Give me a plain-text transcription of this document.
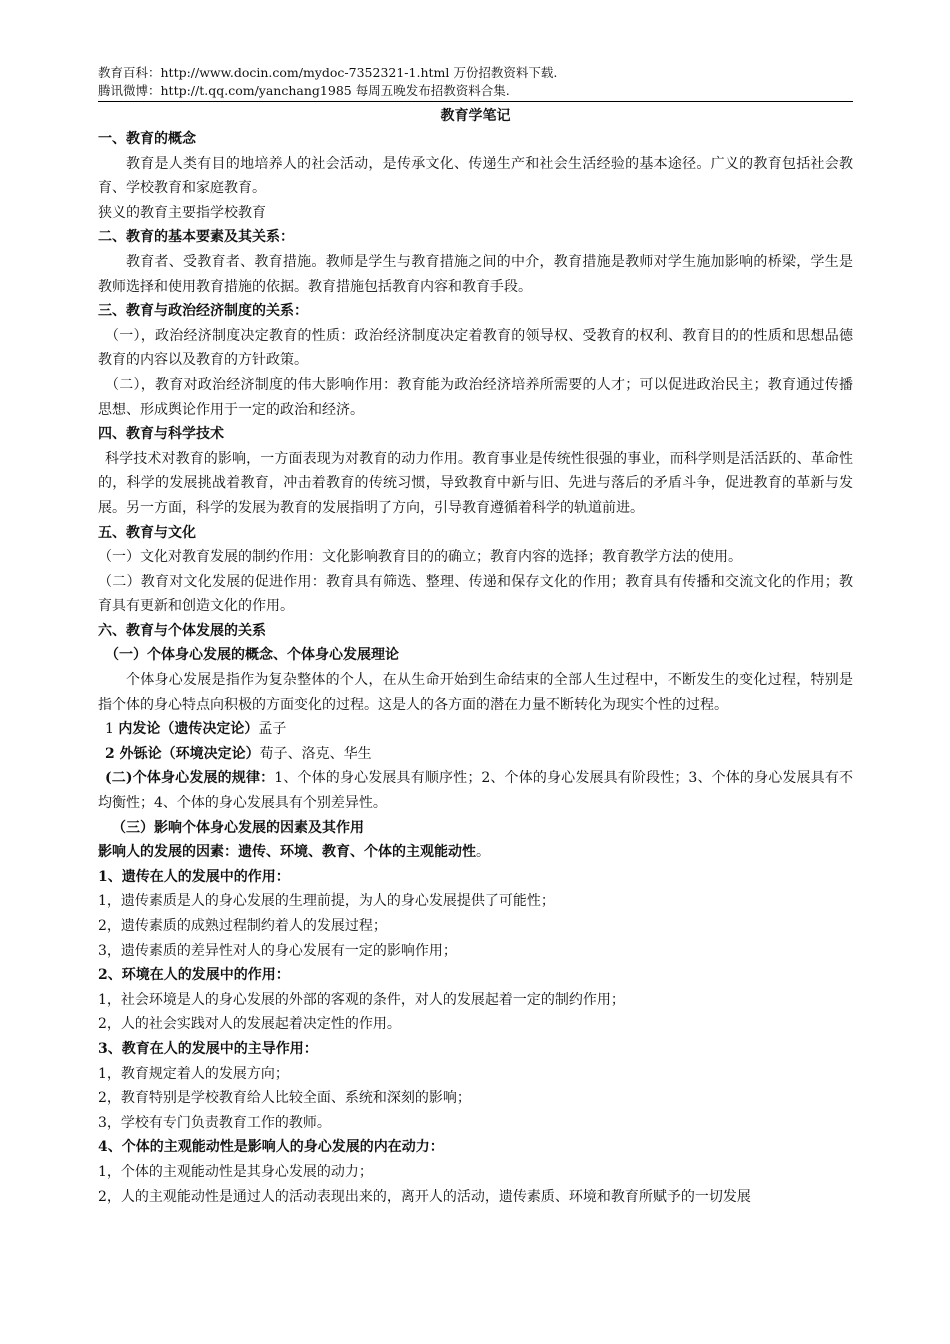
教育百科：http://www.docin.com/mydoc-7352321-1.html 万份招教资料下载.
腾讯微博：http://t.qq.com/yanchang1985 每周五晚发布招教资料合集.

教育学笔记

一、教育的概念

教育是人类有目的地培养人的社会活动，是传承文化、传递生产和社会生活经验的基本途径。广义的教育包括社会教育、学校教育和家庭教育。

狭义的教育主要指学校教育

二、教育的基本要素及其关系：

教育者、受教育者、教育措施。教师是学生与教育措施之间的中介，教育措施是教师对学生施加影响的桥梁，学生是教师选择和使用教育措施的依据。教育措施包括教育内容和教育手段。

三、教育与政治经济制度的关系：

（一），政治经济制度决定教育的性质：政治经济制度决定着教育的领导权、受教育的权利、教育目的的性质和思想品德教育的内容以及教育的方针政策。

（二），教育对政治经济制度的伟大影响作用：教育能为政治经济培养所需要的人才；可以促进政治民主；教育通过传播思想、形成舆论作用于一定的政治和经济。

四、教育与科学技术

科学技术对教育的影响，一方面表现为对教育的动力作用。教育事业是传统性很强的事业，而科学则是活活跃的、革命性的，科学的发展挑战着教育，冲击着教育的传统习惯，导致教育中新与旧、先进与落后的矛盾斗争，促进教育的革新与发展。另一方面，科学的发展为教育的发展指明了方向，引导教育遵循着科学的轨道前进。

五、教育与文化

（一）文化对教育发展的制约作用：文化影响教育目的的确立；教育内容的选择；教育教学方法的使用。

（二）教育对文化发展的促进作用：教育具有筛选、整理、传递和保存文化的作用；教育具有传播和交流文化的作用；教育具有更新和创造文化的作用。

六、教育与个体发展的关系

（一）个体身心发展的概念、个体身心发展理论

个体身心发展是指作为复杂整体的个人，在从生命开始到生命结束的全部人生过程中，不断发生的变化过程，特别是指个体的身心特点向积极的方面变化的过程。这是人的各方面的潜在力量不断转化为现实个性的过程。

1 内发论（遗传决定论）孟子

2 外铄论（环境决定论）荀子、洛克、华生

(二)个体身心发展的规律：1、个体的身心发展具有顺序性；2、个体的身心发展具有阶段性；3、个体的身心发展具有不均衡性；4、个体的身心发展具有个别差异性。

（三）影响个体身心发展的因素及其作用

影响人的发展的因素：遗传、环境、教育、个体的主观能动性。

1、遗传在人的发展中的作用：

1，遗传素质是人的身心发展的生理前提，为人的身心发展提供了可能性；

2，遗传素质的成熟过程制约着人的发展过程；

3，遗传素质的差异性对人的身心发展有一定的影响作用；

2、环境在人的发展中的作用：

1，社会环境是人的身心发展的外部的客观的条件，对人的发展起着一定的制约作用；

2，人的社会实践对人的发展起着决定性的作用。

3、教育在人的发展中的主导作用：

1，教育规定着人的发展方向；

2，教育特别是学校教育给人比较全面、系统和深刻的影响；

3，学校有专门负责教育工作的教师。

4、个体的主观能动性是影响人的身心发展的内在动力：

1，个体的主观能动性是其身心发展的动力；

2，人的主观能动性是通过人的活动表现出来的，离开人的活动，遗传素质、环境和教育所赋予的一切发展
